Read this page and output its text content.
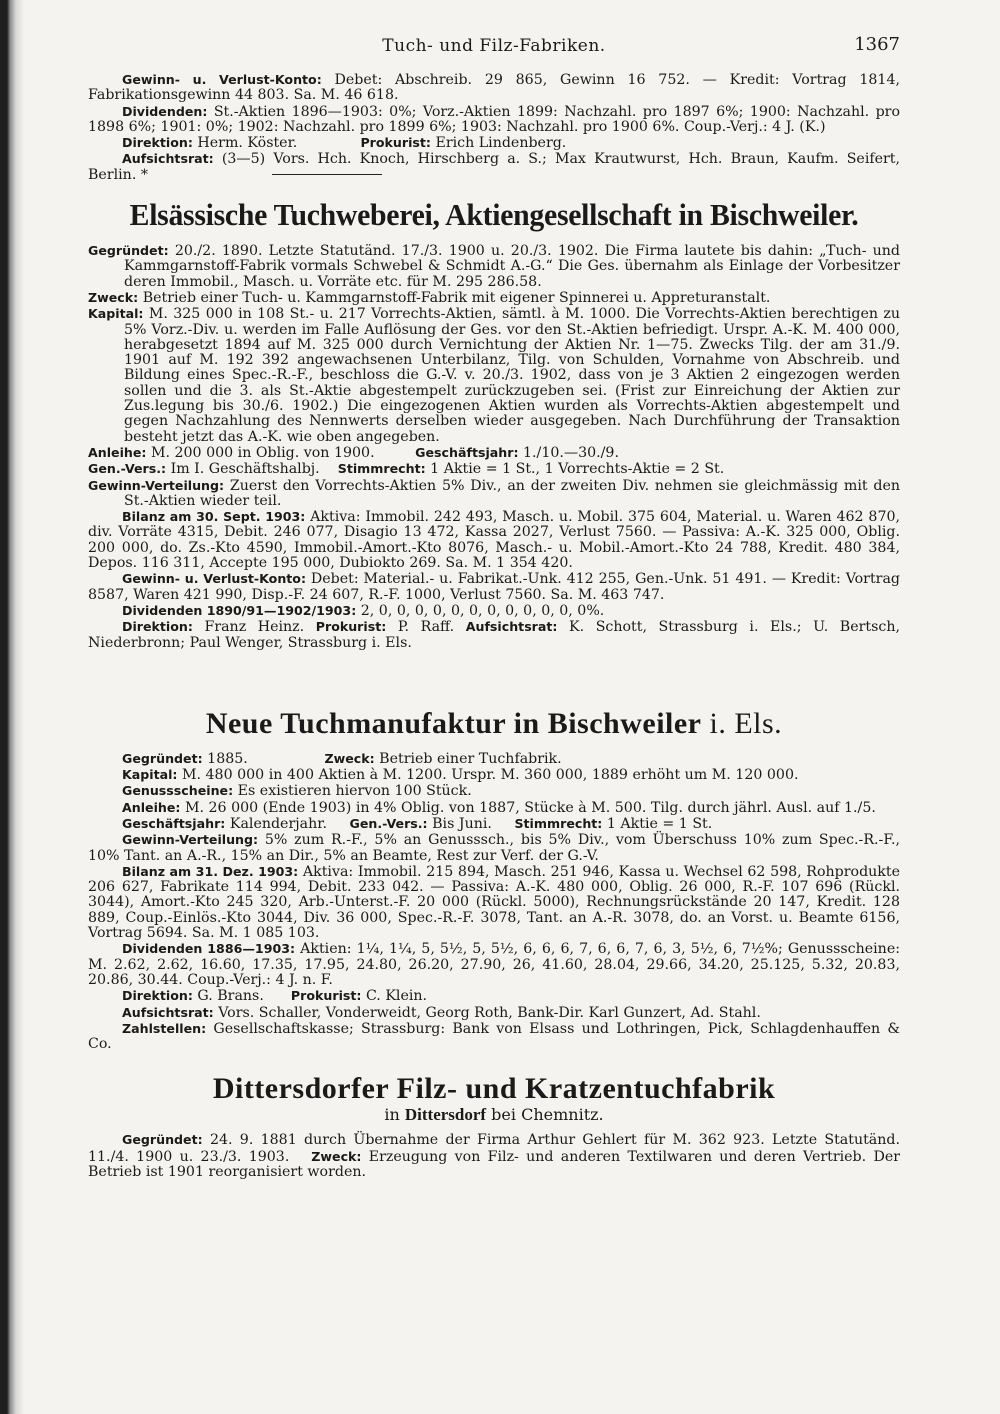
Tuch- und Filz-Fabriken.	1367

Gewinn- u. Verlust-Konto: Debet: Abschreib. 29 865, Gewinn 16 752. — Kredit: Vortrag 1814, Fabrikationsgewinn 44 803. Sa. M. 46 618.

Dividenden: St.-Aktien 1896—1903: 0%; Vorz.-Aktien 1899: Nachzahl. pro 1897 6%; 1900: Nachzahl. pro 1898 6%; 1901: 0%; 1902: Nachzahl. pro 1899 6%; 1903: Nachzahl. pro 1900 6%. Coup.-Verj.: 4 J. (K.)

Direktion: Herm. Köster.	Prokurist: Erich Lindenberg.

Aufsichtsrat: (3—5) Vors. Hch. Knoch, Hirschberg a. S.; Max Krautwurst, Hch. Braun, Kaufm. Seifert, Berlin. *

Elsässische Tuchweberei, Aktiengesellschaft in Bischweiler.

Gegründet: 20./2. 1890. Letzte Statutänd. 17./3. 1900 u. 20./3. 1902. Die Firma lautete bis dahin: „Tuch- und Kammgarnstoff-Fabrik vormals Schwebel & Schmidt A.-G.“ Die Ges. übernahm als Einlage der Vorbesitzer deren Immobil., Masch. u. Vorräte etc. für M. 295 286.58.

Zweck: Betrieb einer Tuch- u. Kammgarnstoff-Fabrik mit eigener Spinnerei u. Appreturanstalt.

Kapital: M. 325 000 in 108 St.- u. 217 Vorrechts-Aktien, sämtl. à M. 1000. Die Vorrechts-Aktien berechtigen zu 5% Vorz.-Div. u. werden im Falle Auflösung der Ges. vor den St.-Aktien befriedigt. Urspr. A.-K. M. 400 000, herabgesetzt 1894 auf M. 325 000 durch Vernichtung der Aktien Nr. 1—75. Zwecks Tilg. der am 31./9. 1901 auf M. 192 392 angewachsenen Unterbilanz, Tilg. von Schulden, Vornahme von Abschreib. und Bildung eines Spec.-R.-F., beschloss die G.-V. v. 20./3. 1902, dass von je 3 Aktien 2 eingezogen werden sollen und die 3. als St.-Aktie abgestempelt zurückzugeben sei. (Frist zur Einreichung der Aktien zur Zus.legung bis 30./6. 1902.) Die eingezogenen Aktien wurden als Vorrechts-Aktien abgestempelt und gegen Nachzahlung des Nennwerts derselben wieder ausgegeben. Nach Durchführung der Transaktion besteht jetzt das A.-K. wie oben angegeben.

Anleihe: M. 200 000 in Oblig. von 1900.	Geschäftsjahr: 1./10.—30./9.

Gen.-Vers.: Im I. Geschäftshalbj. Stimmrecht: 1 Aktie = 1 St., 1 Vorrechts-Aktie = 2 St.

Gewinn-Verteilung: Zuerst den Vorrechts-Aktien 5% Div., an der zweiten Div. nehmen sie gleichmässig mit den St.-Aktien wieder teil.

Bilanz am 30. Sept. 1903: Aktiva: Immobil. 242 493, Masch. u. Mobil. 375 604, Material. u. Waren 462 870, div. Vorräte 4315, Debit. 246 077, Disagio 13 472, Kassa 2027, Verlust 7560. — Passiva: A.-K. 325 000, Oblig. 200 000, do. Zs.-Kto 4590, Immobil.-Amort.-Kto 8076, Masch.- u. Mobil.-Amort.-Kto 24 788, Kredit. 480 384, Depos. 116 311, Accepte 195 000, Dubiokto 269. Sa. M. 1 354 420.

Gewinn- u. Verlust-Konto: Debet: Material.- u. Fabrikat.-Unk. 412 255, Gen.-Unk. 51 491. — Kredit: Vortrag 8587, Waren 421 990, Disp.-F. 24 607, R.-F. 1000, Verlust 7560. Sa. M. 463 747.

Dividenden 1890/91—1902/1903: 2, 0, 0, 0, 0, 0, 0, 0, 0, 0, 0, 0, 0%.

Direktion: Franz Heinz. Prokurist: P. Raff. Aufsichtsrat: K. Schott, Strassburg i. Els.; U. Bertsch, Niederbronn; Paul Wenger, Strassburg i. Els.

Neue Tuchmanufaktur in Bischweiler i. Els.

Gegründet: 1885.	Zweck: Betrieb einer Tuchfabrik.

Kapital: M. 480 000 in 400 Aktien à M. 1200. Urspr. M. 360 000, 1889 erhöht um M. 120 000.

Genussscheine: Es existieren hiervon 100 Stück.

Anleihe: M. 26 000 (Ende 1903) in 4% Oblig. von 1887, Stücke à M. 500. Tilg. durch jährl. Ausl. auf 1./5.

Geschäftsjahr: Kalenderjahr. Gen.-Vers.: Bis Juni. Stimmrecht: 1 Aktie = 1 St.

Gewinn-Verteilung: 5% zum R.-F., 5% an Genusssch., bis 5% Div., vom Überschuss 10% zum Spec.-R.-F., 10% Tant. an A.-R., 15% an Dir., 5% an Beamte, Rest zur Verf. der G.-V.

Bilanz am 31. Dez. 1903: Aktiva: Immobil. 215 894, Masch. 251 946, Kassa u. Wechsel 62 598, Rohprodukte 206 627, Fabrikate 114 994, Debit. 233 042. — Passiva: A.-K. 480 000, Oblig. 26 000, R.-F. 107 696 (Rückl. 3044), Amort.-Kto 245 320, Arb.-Unterst.-F. 20 000 (Rückl. 5000), Rechnungsrückstände 20 147, Kredit. 128 889, Coup.-Einlös.-Kto 3044, Div. 36 000, Spec.-R.-F. 3078, Tant. an A.-R. 3078, do. an Vorst. u. Beamte 6156, Vortrag 5694. Sa. M. 1 085 103.

Dividenden 1886—1903: Aktien: 1¼, 1¼, 5, 5½, 5, 5½, 6, 6, 6, 7, 6, 6, 7, 6, 3, 5½, 6, 7½%; Genussscheine: M. 2.62, 2.62, 16.60, 17.35, 17.95, 24.80, 26.20, 27.90, 26, 41.60, 28.04, 29.66, 34.20, 25.125, 5.32, 20.83, 20.86, 30.44. Coup.-Verj.: 4 J. n. F.

Direktion: G. Brans. Prokurist: C. Klein.

Aufsichtsrat: Vors. Schaller, Vonderweidt, Georg Roth, Bank-Dir. Karl Gunzert, Ad. Stahl.

Zahlstellen: Gesellschaftskasse; Strassburg: Bank von Elsass und Lothringen, Pick, Schlagdenhauffen & Co.

Dittersdorfer Filz- und Kratzentuchfabrik
in Dittersdorf bei Chemnitz.

Gegründet: 24. 9. 1881 durch Übernahme der Firma Arthur Gehlert für M. 362 923. Letzte Statutänd. 11./4. 1900 u. 23./3. 1903. Zweck: Erzeugung von Filz- und anderen Textilwaren und deren Vertrieb. Der Betrieb ist 1901 reorganisiert worden.
